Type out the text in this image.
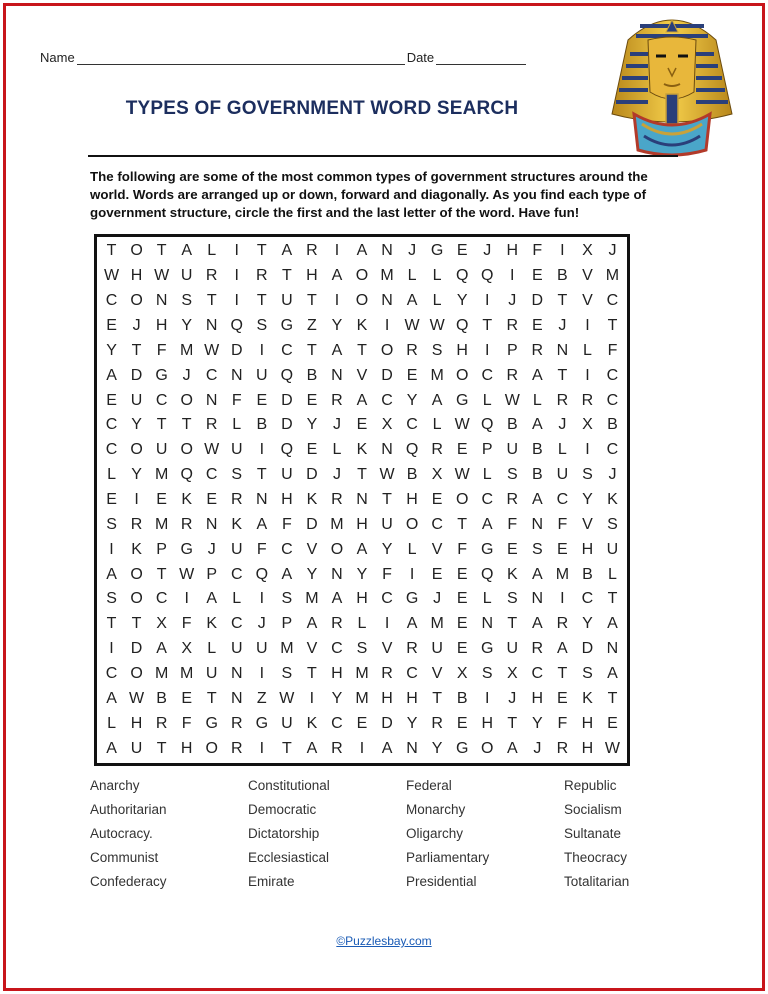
Name	Date
TYPES OF GOVERNMENT WORD SEARCH
The following are some of the most common types of government structures around the world. Words are arranged up or down, forward and diagonally. As you find each type of government structure, circle the first and the last letter of the word. Have fun!
T O T A L	I	T A R	I	A N J G E J H F	I	X J
W H W U R	I	R T H A O M L	L Q Q	I	E B V M
C O N S T	I	T U T	I	O N A L Y	I	J D T V C
E J H Y N Q S G Z Y K	I W W Q T R E J	I	T
Y T F M W D	I	C T A T O R S H	I	P R N L F
A D G J C N U Q B N V D E M O C R A T	I	C
E U C O N F E D E R A C Y A G L W L R R C
C Y T T R L B D Y J E X C L W Q B A J X B
C O U O W U	I	Q E L K N Q R E P U B L	I	C
L Y M Q C S T U D J	T W B X W L S B U S J
E	I	E K E R N H K R N T H E O C R A C Y K
S R M R N K A F D M H U O C T A F N F V S
I	K P G J U F C V O A Y L V F G E S E H U
A O T W P C Q A Y N Y F	I	E E Q K A M B L
S O C	I	A L	I	S M A H C G J E L S N	I	C T
T T X F K C J P A R L	I	A M E N T A R Y A
I	D A X L U U M V C S V R U E G U R A D N
C O M M U N	I	S T H M R C V X S X C T S A
A W B E T N Z W I	Y M H H T B	I	J H E K T
L H R F G R G U K C E D Y R E H T Y F H E
A U T H O R	I	T A R	I	A N Y G O A J R H W
Anarchy	Constitutional	Federal	Republic
Authoritarian	Democratic	Monarchy	Socialism
Autocracy.	Dictatorship	Oligarchy	Sultanate
Communist	Ecclesiastical	Parliamentary	Theocracy
Confederacy	Emirate	Presidential	Totalitarian
©Puzzlesbay.com
